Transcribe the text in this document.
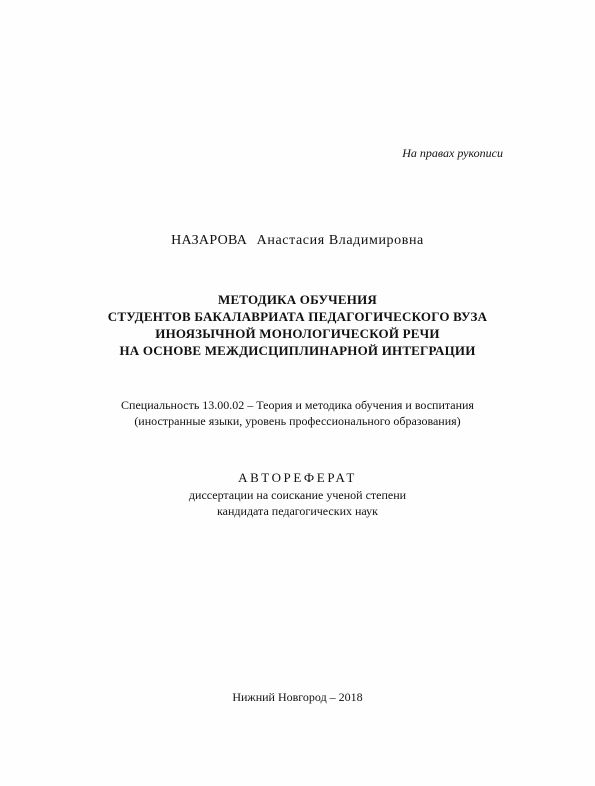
На правах рукописи
НАЗАРОВА Анастасия Владимировна
МЕТОДИКА ОБУЧЕНИЯ
СТУДЕНТОВ БАКАЛАВРИАТА ПЕДАГОГИЧЕСКОГО ВУЗА
ИНОЯЗЫЧНОЙ МОНОЛОГИЧЕСКОЙ РЕЧИ
НА ОСНОВЕ МЕЖДИСЦИПЛИНАРНОЙ ИНТЕГРАЦИИ
Специальность 13.00.02 – Теория и методика обучения и воспитания
(иностранные языки, уровень профессионального образования)
АВТОРЕФЕРАТ
диссертации на соискание ученой степени
кандидата педагогических наук
Нижний Новгород – 2018
